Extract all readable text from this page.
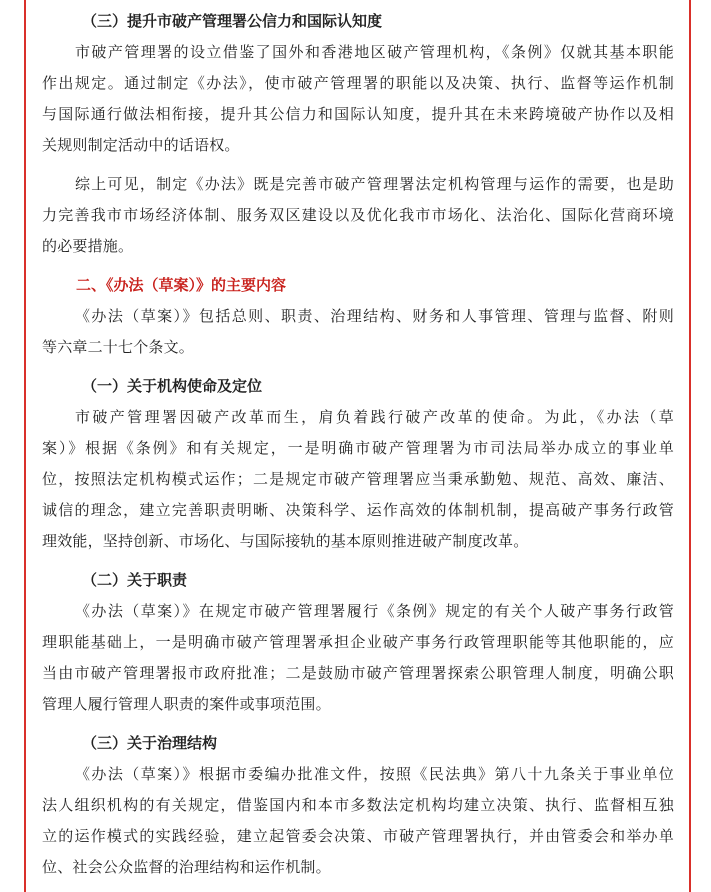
（三）提升市破产管理署公信力和国际认知度
市破产管理署的设立借鉴了国外和香港地区破产管理机构，《条例》仅就其基本职能
作出规定。通过制定《办法》，使市破产管理署的职能以及决策、执行、监督等运作机制
与国际通行做法相衔接，提升其公信力和国际认知度，提升其在未来跨境破产协作以及相
关规则制定活动中的话语权。
综上可见，制定《办法》既是完善市破产管理署法定机构管理与运作的需要，也是助
力完善我市市场经济体制、服务双区建设以及优化我市市场化、法治化、国际化营商环境
的必要措施。
二、《办法（草案）》的主要内容
《办法（草案）》包括总则、职责、治理结构、财务和人事管理、管理与监督、附则
等六章二十七个条文。
（一）关于机构使命及定位
市破产管理署因破产改革而生，肩负着践行破产改革的使命。为此，《办法（草
案）》根据《条例》和有关规定，一是明确市破产管理署为市司法局举办成立的事业单
位，按照法定机构模式运作；二是规定市破产管理署应当秉承勤勉、规范、高效、廉洁、
诚信的理念，建立完善职责明晰、决策科学、运作高效的体制机制，提高破产事务行政管
理效能，坚持创新、市场化、与国际接轨的基本原则推进破产制度改革。
（二）关于职责
《办法（草案）》在规定市破产管理署履行《条例》规定的有关个人破产事务行政管
理职能基础上，一是明确市破产管理署承担企业破产事务行政管理职能等其他职能的，应
当由市破产管理署报市政府批准；二是鼓励市破产管理署探索公职管理人制度，明确公职
管理人履行管理人职责的案件或事项范围。
（三）关于治理结构
《办法（草案）》根据市委编办批准文件，按照《民法典》第八十九条关于事业单位
法人组织机构的有关规定，借鉴国内和本市多数法定机构均建立决策、执行、监督相互独
立的运作模式的实践经验，建立起管委会决策、市破产管理署执行，并由管委会和举办单
位、社会公众监督的治理结构和运作机制。
